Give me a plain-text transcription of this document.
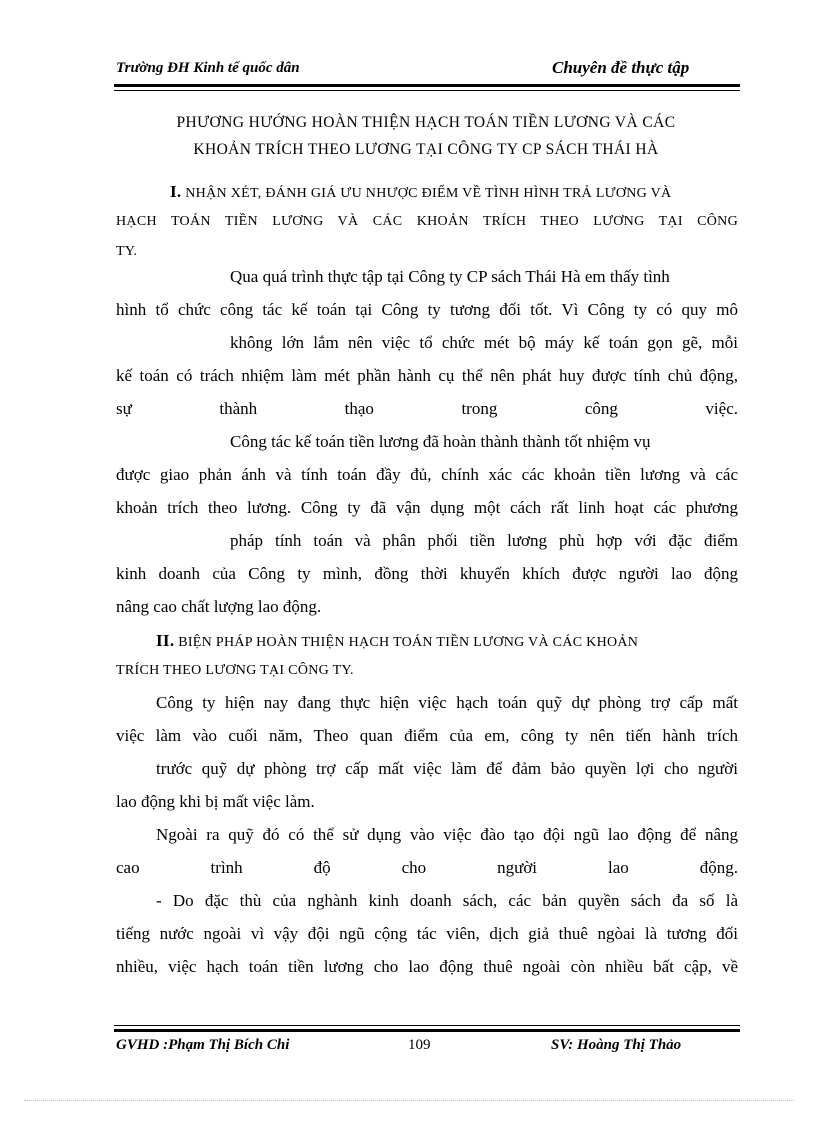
Trường ĐH Kinh tế quốc dân	Chuyên đề thực tập
PHƯƠNG HƯỚNG HOÀN THIỆN HẠCH TOÁN TIỀN LƯƠNG VÀ CÁC
KHOẢN TRÍCH THEO LƯƠNG TẠI CÔNG TY CP SÁCH THÁI HÀ
I. NHẬN XÉT, ĐÁNH GIÁ ƯU NHƯỢC ĐIỂM VỀ TÌNH HÌNH TRẢ LƯƠNG VÀ
HẠCH TOÁN TIỀN LƯƠNG VÀ CÁC KHOẢN TRÍCH THEO LƯƠNG TẠI CÔNG
TY.
Qua quá trình thực tập tại Công ty CP sách Thái Hà em thấy tình
hình tổ chức công tác kế toán tại Công ty tương đối tốt. Vì Công ty có quy mô
không lớn lắm nên việc tổ chức mét bộ máy kế toán gọn gẽ, mỗi
kế toán có trách nhiệm làm mét phần hành cụ thể nên phát huy được tính chủ động,
sự thành thạo trong công việc.
Công tác kế toán tiền lương đã hoàn thành thành tốt nhiệm vụ
được giao phản ánh và tính toán đầy đủ, chính xác các khoản tiền lương và các
khoản trích theo lương. Công ty đã vận dụng một cách rất linh hoạt các phương
pháp tính toán và phân phối tiền lương phù hợp với đặc điểm
kinh doanh của Công ty mình, đồng thời khuyến khích được người lao động
nâng cao chất lượng lao động.
II. BIỆN PHÁP HOÀN THIỆN HẠCH TOÁN TIỀN LƯƠNG VÀ CÁC KHOẢN
TRÍCH THEO LƯƠNG TẠI CÔNG TY.
Công ty hiện nay đang thực hiện việc hạch toán quỹ dự phòng trợ cấp mất
việc làm vào cuối năm, Theo quan điểm của em, công ty nên tiến hành trích
trước quỹ dự phòng trợ cấp mất việc làm để đảm bảo quyền lợi cho người
lao động khi bị mất việc làm.
Ngoài ra quỹ đó có thể sử dụng vào việc đào tạo đội ngũ lao động để nâng
cao trình độ cho người lao động.
- Do đặc thù của nghành kinh doanh sách, các bản quyền sách đa số là
tiếng nước ngoài vì vậy đội ngũ cộng tác viên, dịch giả thuê ngòai là tương đối
nhiều, việc hạch toán tiền lương cho lao động thuê ngoài còn nhiều bất cập, về
GVHD :Phạm Thị Bích Chi	109	SV: Hoàng Thị Thảo
